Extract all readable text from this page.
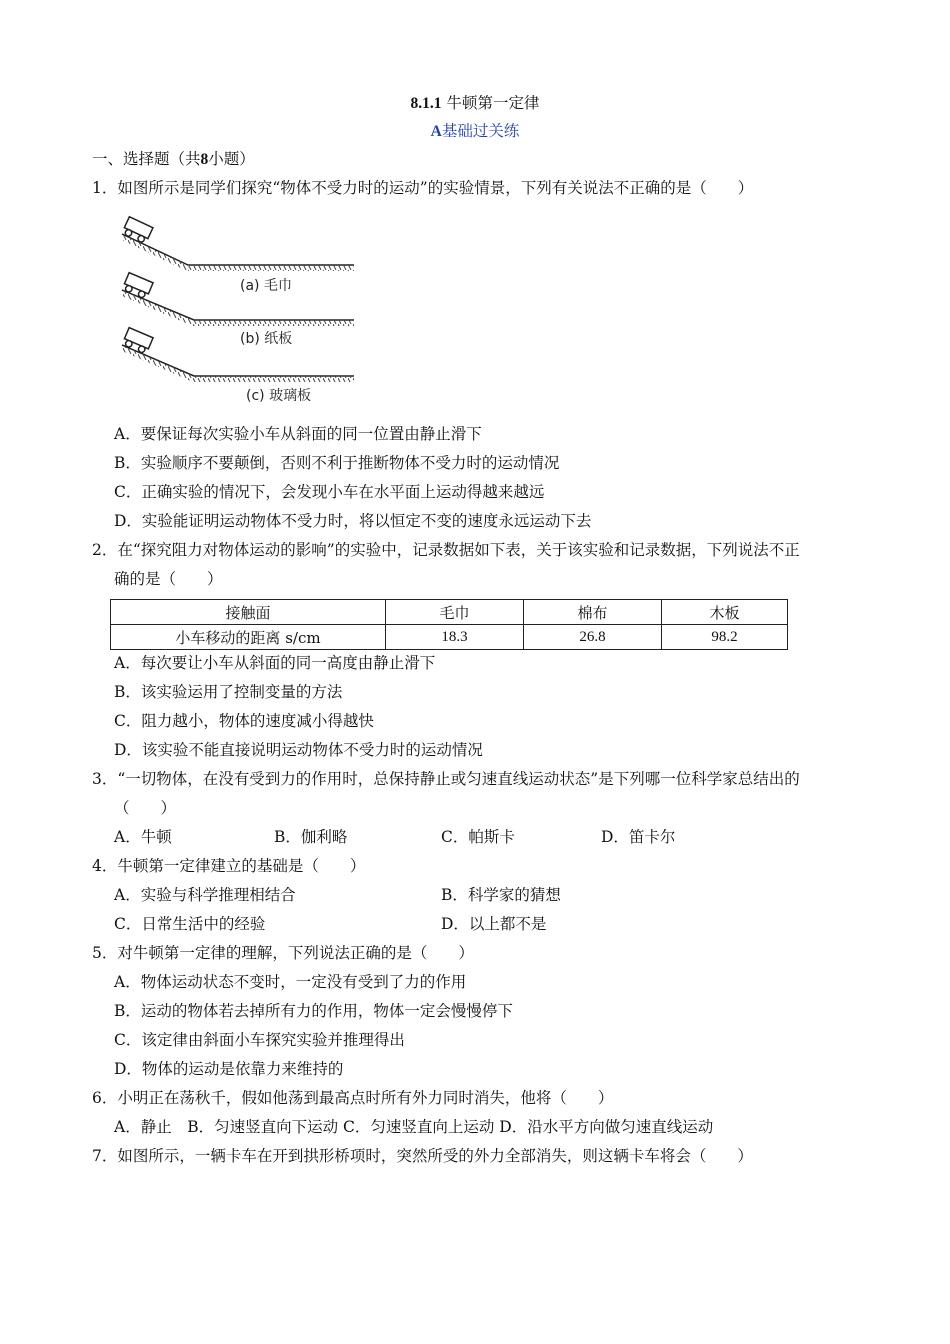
8.1.1 牛顿第一定律
A基础过关练
一、选择题（共8小题）
1．如图所示是同学们探究“物体不受力时的运动”的实验情景，下列有关说法不正确的是（　　）
(a) 毛巾
(b) 纸板
(c) 玻璃板
A．要保证每次实验小车从斜面的同一位置由静止滑下
B．实验顺序不要颠倒，否则不利于推断物体不受力时的运动情况
C．正确实验的情况下，会发现小车在水平面上运动得越来越远
D．实验能证明运动物体不受力时，将以恒定不变的速度永远运动下去
2．在“探究阻力对物体运动的影响”的实验中，记录数据如下表，关于该实验和记录数据，下列说法不正
确的是（　　）
接触面	毛巾	棉布	木板
小车移动的距离 s/cm	18.3	26.8	98.2
A．每次要让小车从斜面的同一高度由静止滑下
B．该实验运用了控制变量的方法
C．阻力越小，物体的速度减小得越快
D．该实验不能直接说明运动物体不受力时的运动情况
3．“一切物体，在没有受到力的作用时，总保持静止或匀速直线运动状态”是下列哪一位科学家总结出的
（　　）
A．牛顿	B．伽利略	C．帕斯卡	D．笛卡尔
4．牛顿第一定律建立的基础是（　　）
A．实验与科学推理相结合	B．科学家的猜想
C．日常生活中的经验	D．以上都不是
5．对牛顿第一定律的理解，下列说法正确的是（　　）
A．物体运动状态不变时，一定没有受到了力的作用
B．运动的物体若去掉所有力的作用，物体一定会慢慢停下
C．该定律由斜面小车探究实验并推理得出
D．物体的运动是依靠力来维持的
6．小明正在荡秋千，假如他荡到最高点时所有外力同时消失，他将（　　）
A．静止　B．匀速竖直向下运动 C．匀速竖直向上运动 D．沿水平方向做匀速直线运动
7．如图所示，一辆卡车在开到拱形桥项时，突然所受的外力全部消失，则这辆卡车将会（　　）
